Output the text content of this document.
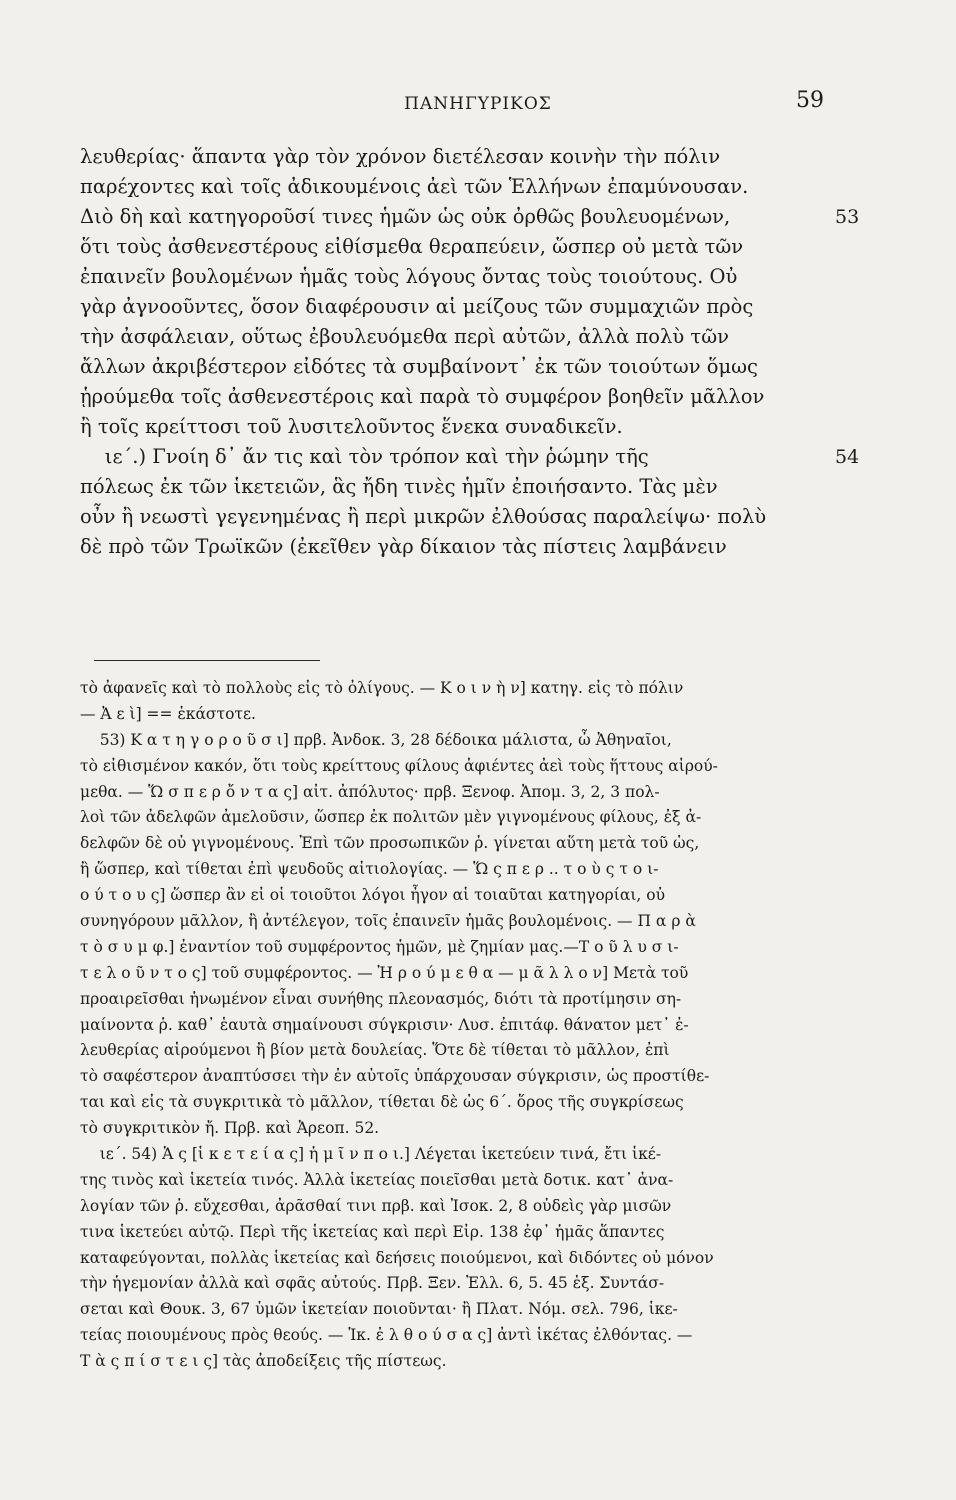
ΠΑΝΗΓΥΡΙΚΟΣ	59
λευθερίας· ἅπαντα γὰρ τὸν χρόνον διετέλεσαν κοινὴν τὴν πόλιν
παρέχοντες καὶ τοῖς ἀδικουμένοις ἀεὶ τῶν Ἑλλήνων ἐπαμύνουσαν.
Διὸ δὴ καὶ κατηγοροῦσί τινες ἡμῶν ὡς οὐκ ὀρθῶς βουλευομένων,	53
ὅτι τοὺς ἀσθενεστέρους εἰθίσμεθα θεραπεύειν, ὥσπερ οὐ μετὰ τῶν
ἐπαινεῖν βουλομένων ἡμᾶς τοὺς λόγους ὄντας τοὺς τοιούτους. Οὐ
γὰρ ἀγνοοῦντες, ὅσον διαφέρουσιν αἱ μείζους τῶν συμμαχιῶν πρὸς
τὴν ἀσφάλειαν, οὕτως ἐβουλευόμεθα περὶ αὐτῶν, ἀλλὰ πολὺ τῶν
ἄλλων ἀκριβέστερον εἰδότες τὰ συμβαίνοντ᾽ ἐκ τῶν τοιούτων ὅμως
ᾑρούμεθα τοῖς ἀσθενεστέροις καὶ παρὰ τὸ συμφέρον βοηθεῖν μᾶλλον
ἢ τοῖς κρείττοσι τοῦ λυσιτελοῦντος ἕνεκα συναδικεῖν.
ιε΄.) Γνοίη δ᾽ ἄν τις καὶ τὸν τρόπον καὶ τὴν ῥώμην τῆς	54
πόλεως ἐκ τῶν ἱκετειῶν, ἃς ἤδη τινὲς ἡμῖν ἐποιήσαντο. Τὰς μὲν
οὖν ἢ νεωστὶ γεγενημένας ἢ περὶ μικρῶν ἐλθούσας παραλείψω· πολὺ
δὲ πρὸ τῶν Τρωϊκῶν (ἐκεῖθεν γὰρ δίκαιον τὰς πίστεις λαμβάνειν
τὸ ἀφανεῖς καὶ τὸ πολλοὺς εἰς τὸ ὀλίγους. — Κ ο ι ν ὴ ν] κατηγ. εἰς τὸ πόλιν
— Ἀ ε ὶ] == ἑκάστοτε.
53) Κ α τ η γ ο ρ ο ῦ σ ι] πρβ. Ἀνδοκ. 3, 28 δέδοικα μάλιστα, ὦ Ἀθηναῖοι,
τὸ εἰθισμένον κακόν, ὅτι τοὺς κρείττους φίλους ἀφιέντες ἀεὶ τοὺς ἥττους αἱρού-
μεθα. — Ὥ σ π ε ρ ὄ ν τ α ς] αἰτ. ἀπόλυτος· πρβ. Ξενοφ. Ἀπομ. 3, 2, 3 πολ-
λοὶ τῶν ἀδελφῶν ἀμελοῦσιν, ὥσπερ ἐκ πολιτῶν μὲν γιγνομένους φίλους, ἐξ ἀ-
δελφῶν δὲ οὐ γιγνομένους. Ἐπὶ τῶν προσωπικῶν ῥ. γίνεται αὕτη μετὰ τοῦ ὡς,
ἢ ὥσπερ, καὶ τίθεται ἐπὶ ψευδοῦς αἰτιολογίας. — Ὥ ς π ε ρ .. τ ο ὺ ς τ ο ι-
ο ύ τ ο υ ς] ὥσπερ ἂν εἰ οἱ τοιοῦτοι λόγοι ἦγον αἱ τοιαῦται κατηγορίαι, οὐ
συνηγόρουν μᾶλλον, ἢ ἀντέλεγον, τοῖς ἐπαινεῖν ἡμᾶς βουλομένοις. — Π α ρ ὰ
τ ὸ σ υ μ φ.] ἐναντίον τοῦ συμφέροντος ἡμῶν, μὲ ζημίαν μας.—Τ ο ῦ λ υ σ ι-
τ ε λ ο ῦ ν τ ο ς] τοῦ συμφέροντος. — Ἡ ρ ο ύ μ ε θ α — μ ᾶ λ λ ο ν] Μετὰ τοῦ
προαιρεῖσθαι ἡνωμένον εἶναι συνήθης πλεονασμός, διότι τὰ προτίμησιν ση-
μαίνοντα ῥ. καθ᾽ ἑαυτὰ σημαίνουσι σύγκρισιν· Λυσ. ἐπιτάφ. θάνατον μετ᾽ ἐ-
λευθερίας αἱρούμενοι ἢ βίον μετὰ δουλείας. Ὅτε δὲ τίθεται τὸ μᾶλλον, ἐπὶ
τὸ σαφέστερον ἀναπτύσσει τὴν ἐν αὐτοῖς ὑπάρχουσαν σύγκρισιν, ὡς προστίθε-
ται καὶ εἰς τὰ συγκριτικὰ τὸ μᾶλλον, τίθεται δὲ ὡς 6΄. ὅρος τῆς συγκρίσεως
τὸ συγκριτικὸν ἤ. Πρβ. καὶ Ἀρεοπ. 52.
ιε΄. 54) Ἁ ς [ἱ κ ε τ ε ί α ς] ἡ μ ῖ ν π ο ι.] Λέγεται ἱκετεύειν τινά, ἔτι ἱκέ-
της τινὸς καὶ ἱκετεία τινός. Ἀλλὰ ἱκετείας ποιεῖσθαι μετὰ δοτικ. κατ᾽ ἀνα-
λογίαν τῶν ῥ. εὔχεσθαι, ἀρᾶσθαί τινι πρβ. καὶ Ἰσοκ. 2, 8 οὐδεὶς γὰρ μισῶν
τινα ἱκετεύει αὐτῷ. Περὶ τῆς ἱκετείας καὶ περὶ Εἰρ. 138 ἐφ᾽ ἡμᾶς ἅπαντες
καταφεύγονται, πολλὰς ἱκετείας καὶ δεήσεις ποιούμενοι, καὶ διδόντες οὐ μόνον
τὴν ἡγεμονίαν ἀλλὰ καὶ σφᾶς αὐτούς. Πρβ. Ξεν. Ἑλλ. 6, 5. 45 ἑξ. Συντάσ-
σεται καὶ Θουκ. 3, 67 ὑμῶν ἱκετείαν ποιοῦνται· ἢ Πλατ. Νόμ. σελ. 796, ἱκε-
τείας ποιουμένους πρὸς θεούς. — Ἱκ. ἐ λ θ ο ύ σ α ς] ἀντὶ ἱκέτας ἐλθόντας. —
Τ ὰ ς π ί σ τ ε ι ς] τὰς ἀποδείξεις τῆς πίστεως.
